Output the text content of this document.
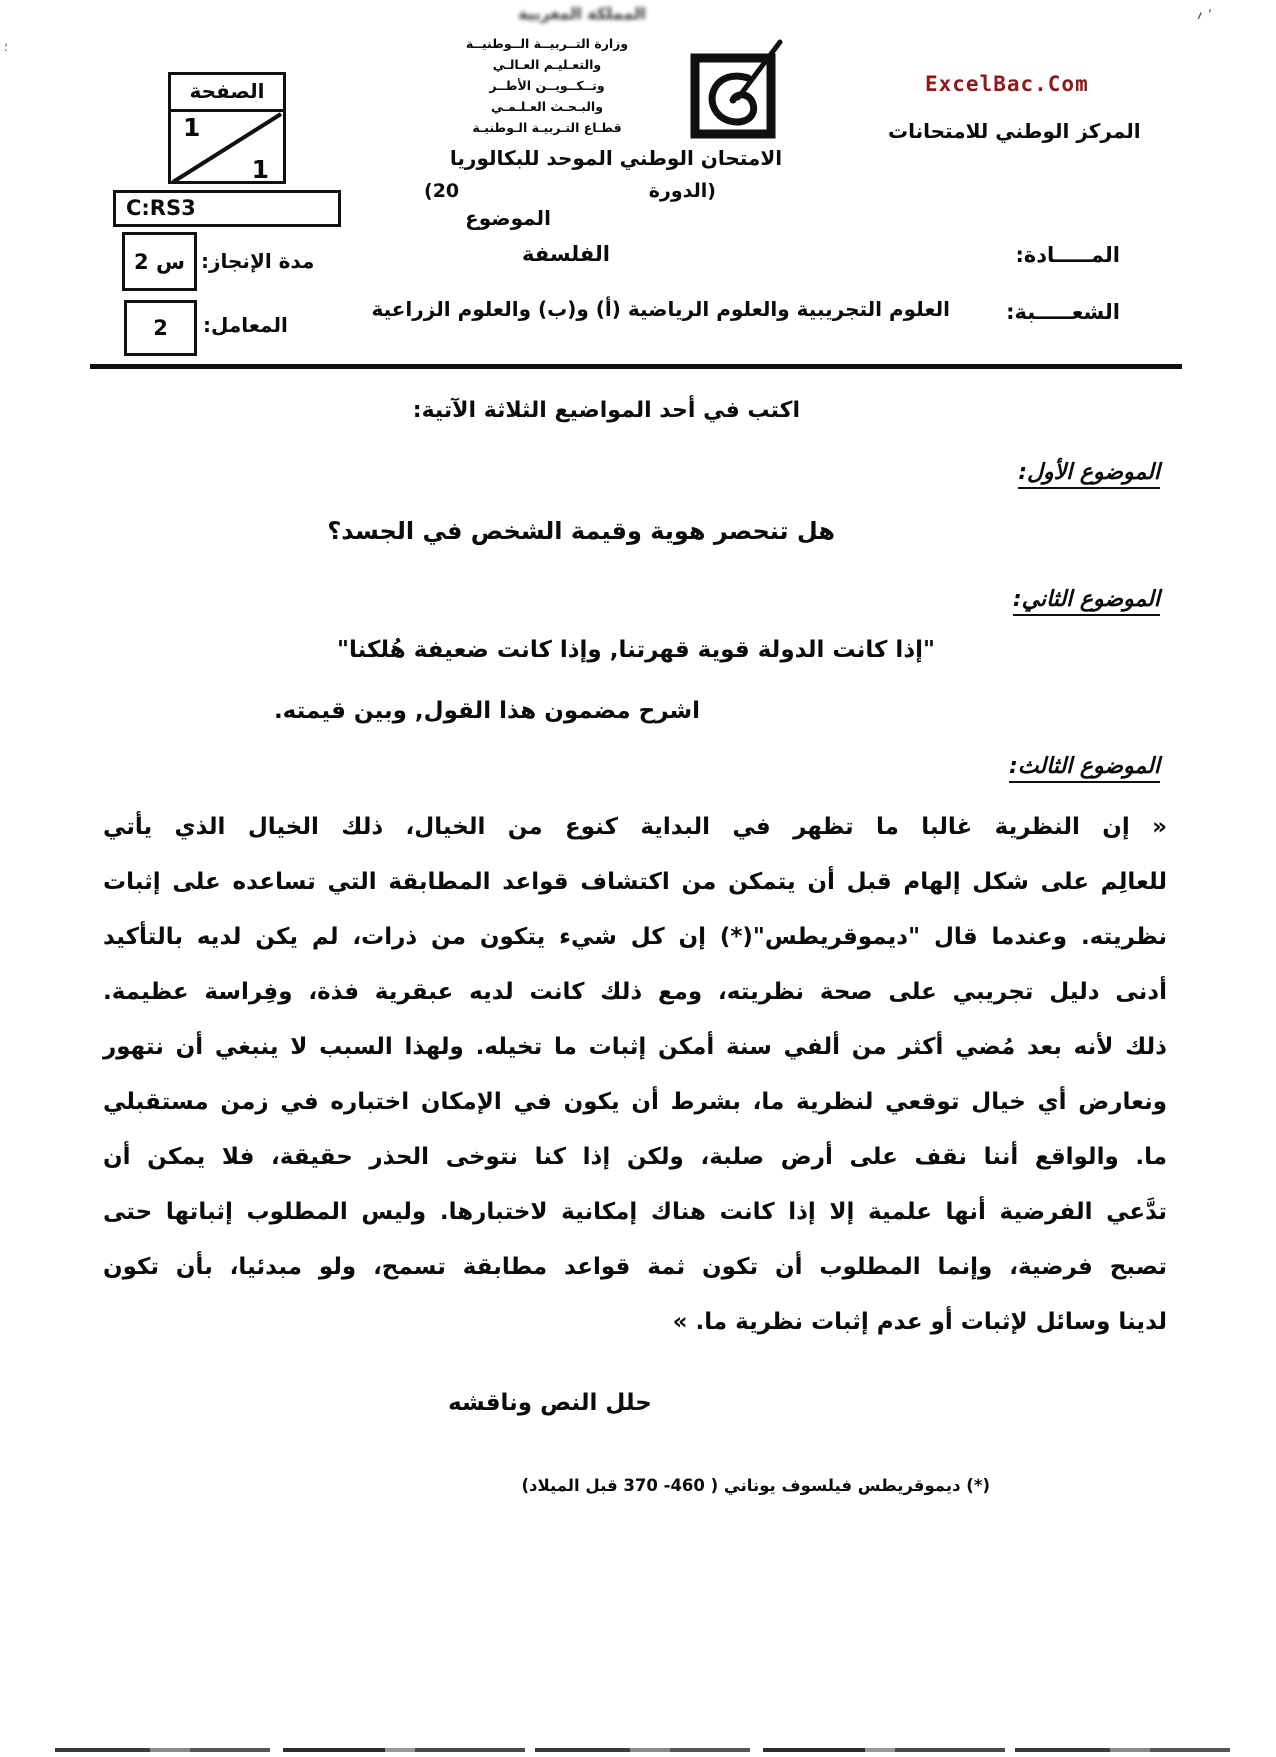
٬ ؍
؛
الصفحة
1
1
C:RS3
2 س مدة الإنجاز:
2	المعامل:
المملكة المغربية
وزارة التــربيــة الــوطنيــة
والتعـليـم العـالـي
وتــكــويــن الأطــر
والبـحـث العـلـمـي
قطـاع التـربيـة الـوطنيـة
الامتحان الوطني الموحد للبكالوريا
(الدورة
20)
الموضوع
ExcelBac.Com
المركز الوطني للامتحانات
المـــــادة:
الفلسفة
الشعـــــبة:
العلوم التجريبية والعلوم الرياضية (أ) و(ب) والعلوم الزراعية
اكتب في أحد المواضيع الثلاثة الآتية:
الموضوع الأول:
هل تنحصر هوية وقيمة الشخص في الجسد؟
الموضوع الثاني:
"إذا كانت الدولة قوية قهرتنا, وإذا كانت ضعيفة هُلكنا"
اشرح مضمون هذا القول, وبين قيمته.
الموضوع الثالث:
« إن النظرية غالبا ما تظهر في البداية كنوع من الخيال، ذلك الخيال الذي يأتي
للعالِم على شكل إلهام قبل أن يتمكن من اكتشاف قواعد المطابقة التي تساعده على إثبات
نظريته. وعندما قال "ديموقريطس"(*) إن كل شيء يتكون من ذرات، لم يكن لديه بالتأكيد
أدنى دليل تجريبي على صحة نظريته، ومع ذلك كانت لديه عبقرية فذة، وفِراسة عظيمة.
ذلك لأنه بعد مُضي أكثر من ألفي سنة أمكن إثبات ما تخيله. ولهذا السبب لا ينبغي أن نتهور
ونعارض أي خيال توقعي لنظرية ما، بشرط أن يكون في الإمكان اختباره في زمن مستقبلي
ما. والواقع أننا نقف على أرض صلبة، ولكن إذا كنا نتوخى الحذر حقيقة، فلا يمكن أن
تدَّعي الفرضية أنها علمية إلا إذا كانت هناك إمكانية لاختبارها. وليس المطلوب إثباتها حتى
تصبح فرضية، وإنما المطلوب أن تكون ثمة قواعد مطابقة تسمح، ولو مبدئيا، بأن تكون
لدينا وسائل لإثبات أو عدم إثبات نظرية ما. »
حلل النص وناقشه
(*) ديموقريطس فيلسوف يوناني ( 460- 370 قبل الميلاد)
